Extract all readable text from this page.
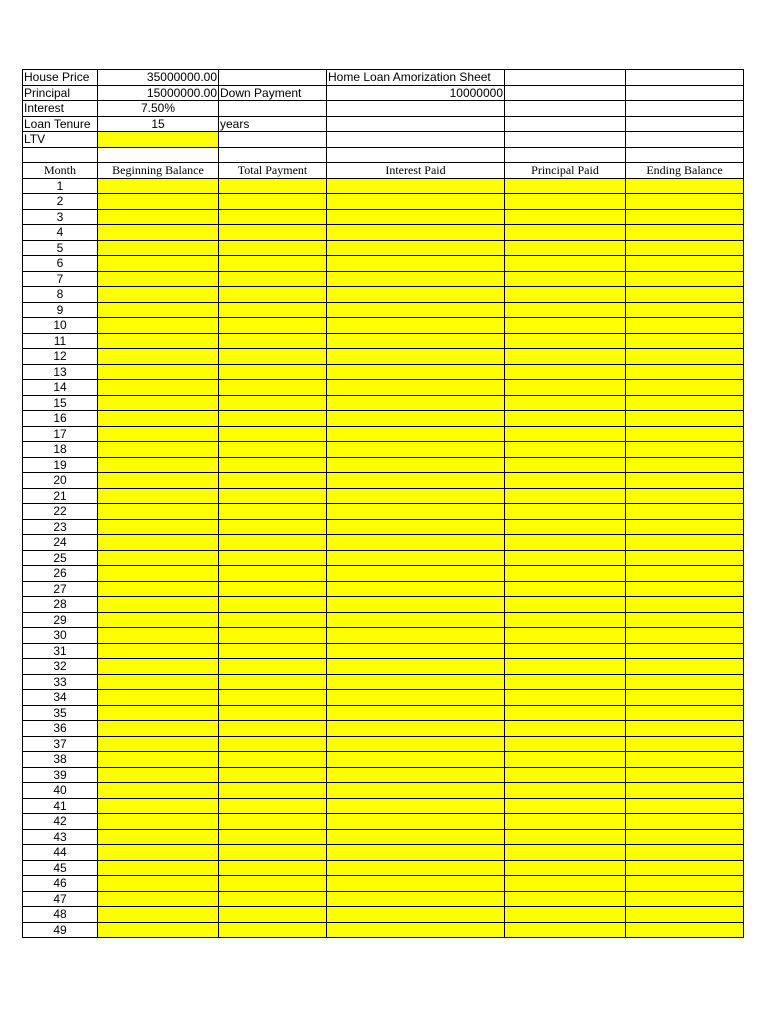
House Price	35000000.00		Home Loan Amorization Sheet		
Principal	15000000.00	Down Payment	10000000		
Interest	7.50%				
Loan Tenure	15	years			
LTV					

Month	Beginning Balance	Total Payment	Interest Paid	Principal Paid	Ending Balance
1					
2					
3					
4					
5					
6					
7					
8					
9					
10					
11					
12					
13					
14					
15					
16					
17					
18					
19					
20					
21					
22					
23					
24					
25					
26					
27					
28					
29					
30					
31					
32					
33					
34					
35					
36					
37					
38					
39					
40					
41					
42					
43					
44					
45					
46					
47					
48					
49					
